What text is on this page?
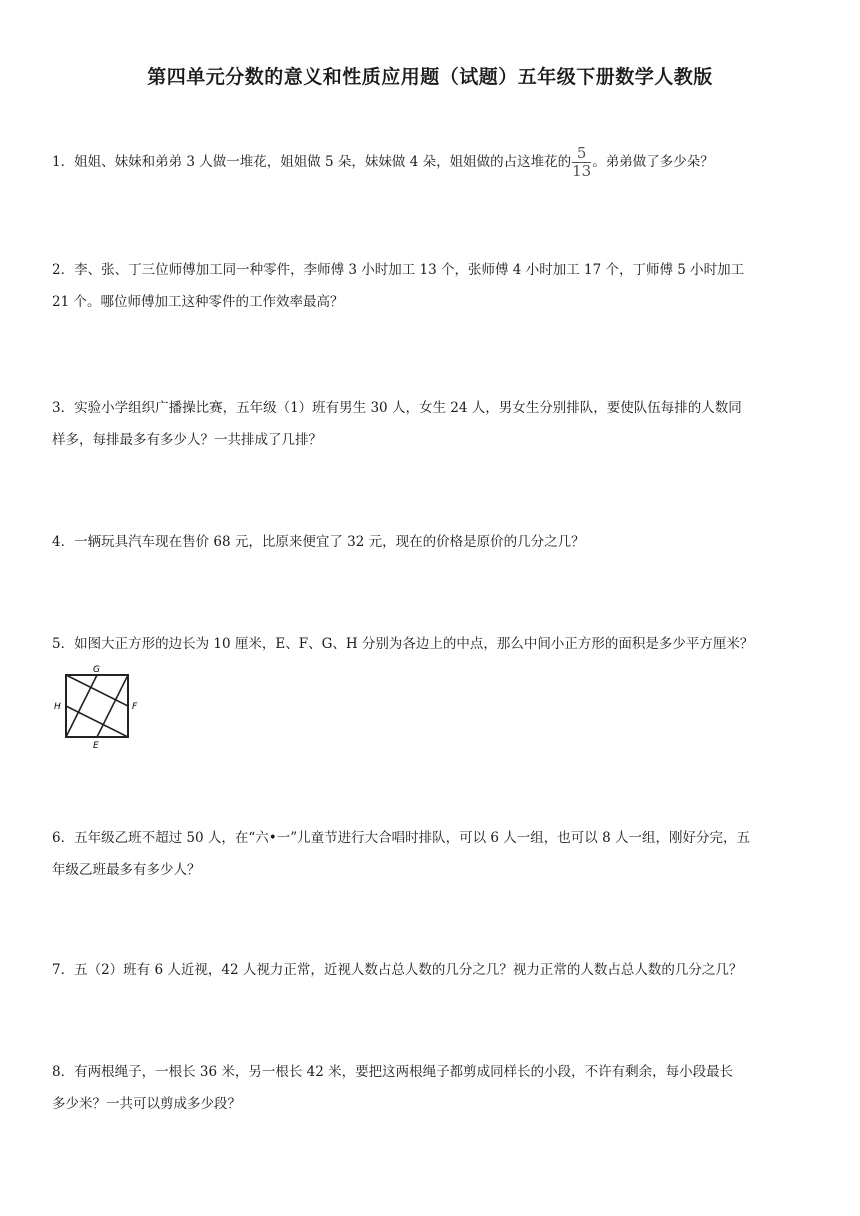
第四单元分数的意义和性质应用题（试题）五年级下册数学人教版

1．姐姐、妹妹和弟弟 3 人做一堆花，姐姐做 5 朵，妹妹做 4 朵，姐姐做的占这堆花的 $\frac{5}{13}$ 。弟弟做了多少朵？

2．李、张、丁三位师傅加工同一种零件，李师傅 3 小时加工 13 个，张师傅 4 小时加工 17 个，丁师傅 5 小时加工
21 个。哪位师傅加工这种零件的工作效率最高？

3．实验小学组织广播操比赛，五年级（1）班有男生 30 人，女生 24 人，男女生分别排队，要使队伍每排的人数同
样多，每排最多有多少人？一共排成了几排？

4．一辆玩具汽车现在售价 68 元，比原来便宜了 32 元，现在的价格是原价的几分之几？

5．如图大正方形的边长为 10 厘米，E、F、G、H 分别为各边上的中点，那么中间小正方形的面积是多少平方厘米？

G
F
E
H

6．五年级乙班不超过 50 人，在“六•一”儿童节进行大合唱时排队，可以 6 人一组，也可以 8 人一组，刚好分完，五
年级乙班最多有多少人？

7．五（2）班有 6 人近视，42 人视力正常，近视人数占总人数的几分之几？视力正常的人数占总人数的几分之几？

8．有两根绳子，一根长 36 米，另一根长 42 米，要把这两根绳子都剪成同样长的小段，不许有剩余，每小段最长
多少米？一共可以剪成多少段？
